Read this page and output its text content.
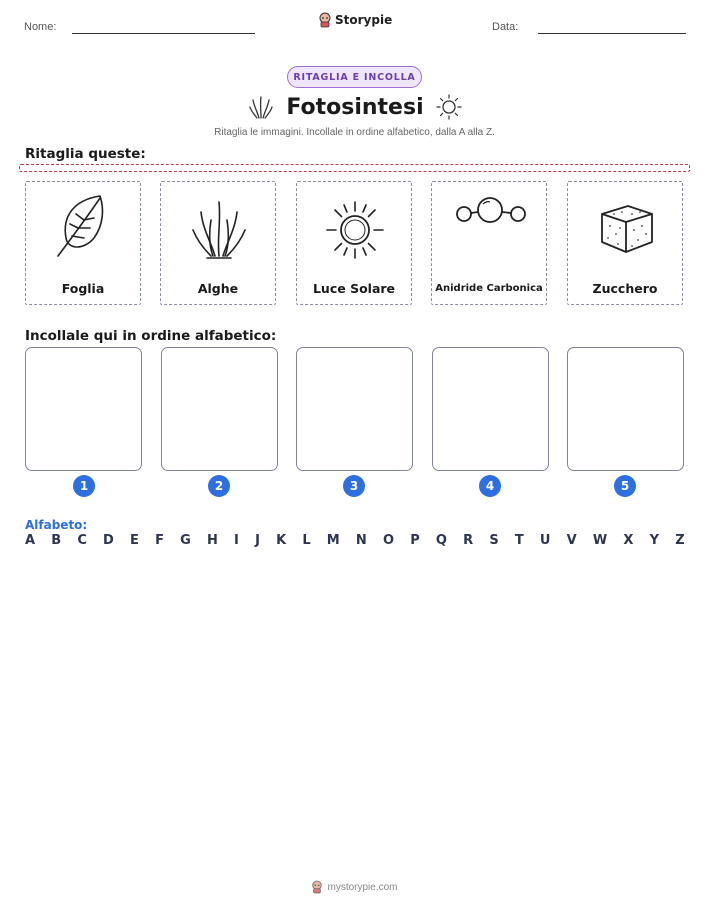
Nome:	Storypie	Data:
RITAGLIA E INCOLLA
Fotosintesi
Ritaglia le immagini. Incollale in ordine alfabetico, dalla A alla Z.
Ritaglia queste:
Foglia	Alghe	Luce Solare	Anidride Carbonica	Zucchero
Incollale qui in ordine alfabetico:
1	2	3	4	5
Alfabeto:
A B C D E F G H I J K L M N O P Q R S T U V W X Y Z
mystorypie.com
